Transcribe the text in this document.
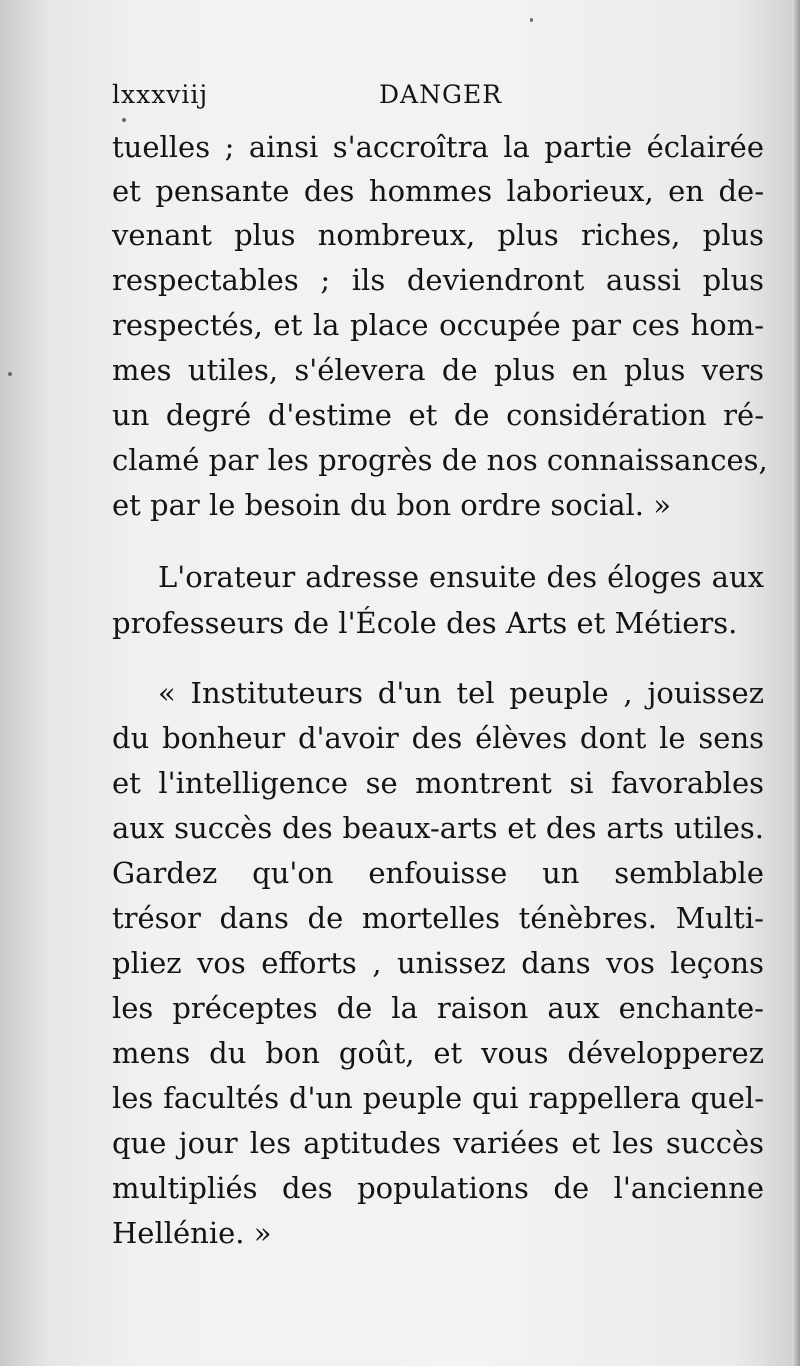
lxxxviij	DANGER
tuelles ; ainsi s'accroîtra la partie éclairée
et pensante des hommes laborieux, en de-
venant plus nombreux, plus riches, plus
respectables ; ils deviendront aussi plus
respectés, et la place occupée par ces hom-
mes utiles, s'élevera de plus en plus vers
un degré d'estime et de considération ré-
clamé par les progrès de nos connaissances,
et par le besoin du bon ordre social. »
L'orateur adresse ensuite des éloges aux
professeurs de l'École des Arts et Métiers.
« Instituteurs d'un tel peuple , jouissez
du bonheur d'avoir des élèves dont le sens
et l'intelligence se montrent si favorables
aux succès des beaux-arts et des arts utiles.
Gardez qu'on enfouisse un semblable
trésor dans de mortelles ténèbres. Multi-
pliez vos efforts , unissez dans vos leçons
les préceptes de la raison aux enchante-
mens du bon goût, et vous développerez
les facultés d'un peuple qui rappellera quel-
que jour les aptitudes variées et les succès
multipliés des populations de l'ancienne
Hellénie. »
